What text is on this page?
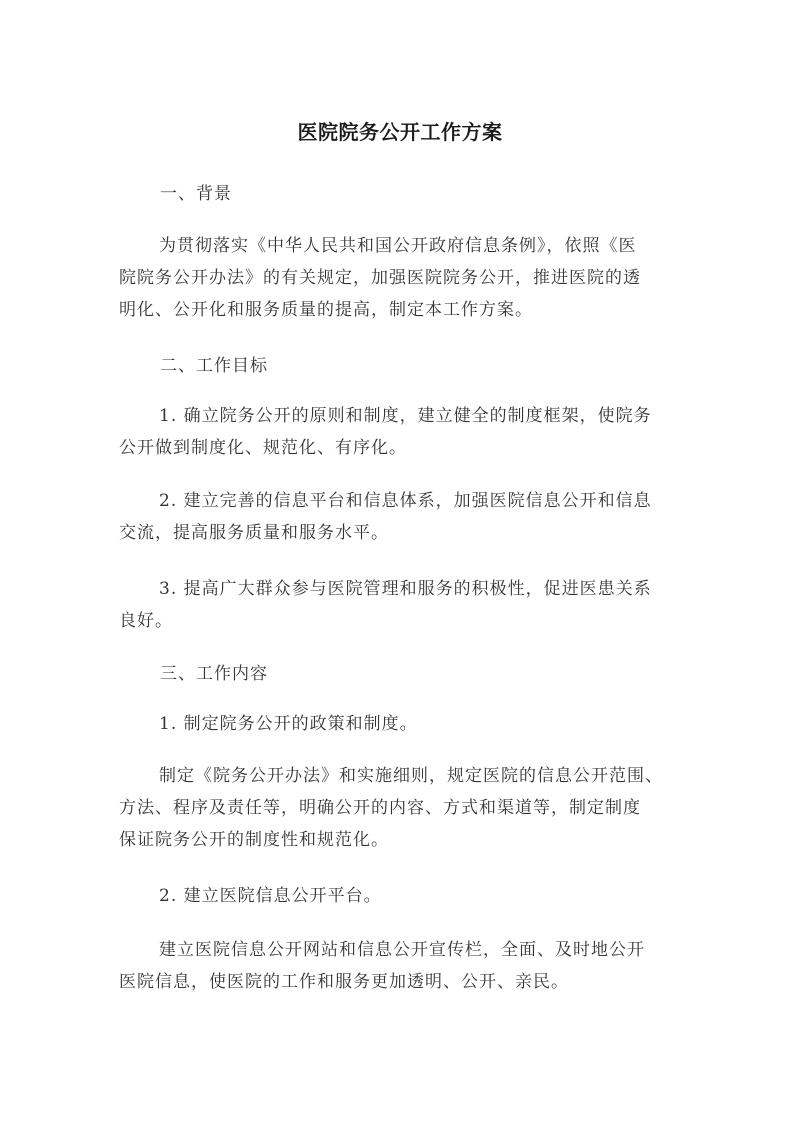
医院院务公开工作方案
一、背景
为贯彻落实《中华人民共和国公开政府信息条例》，依照《医
院院务公开办法》的有关规定，加强医院院务公开，推进医院的透
明化、公开化和服务质量的提高，制定本工作方案。
二、工作目标
1. 确立院务公开的原则和制度，建立健全的制度框架，使院务
公开做到制度化、规范化、有序化。
2. 建立完善的信息平台和信息体系，加强医院信息公开和信息
交流，提高服务质量和服务水平。
3. 提高广大群众参与医院管理和服务的积极性，促进医患关系
良好。
三、工作内容
1. 制定院务公开的政策和制度。
制定《院务公开办法》和实施细则，规定医院的信息公开范围、
方法、程序及责任等，明确公开的内容、方式和渠道等，制定制度
保证院务公开的制度性和规范化。
2. 建立医院信息公开平台。
建立医院信息公开网站和信息公开宣传栏，全面、及时地公开
医院信息，使医院的工作和服务更加透明、公开、亲民。
